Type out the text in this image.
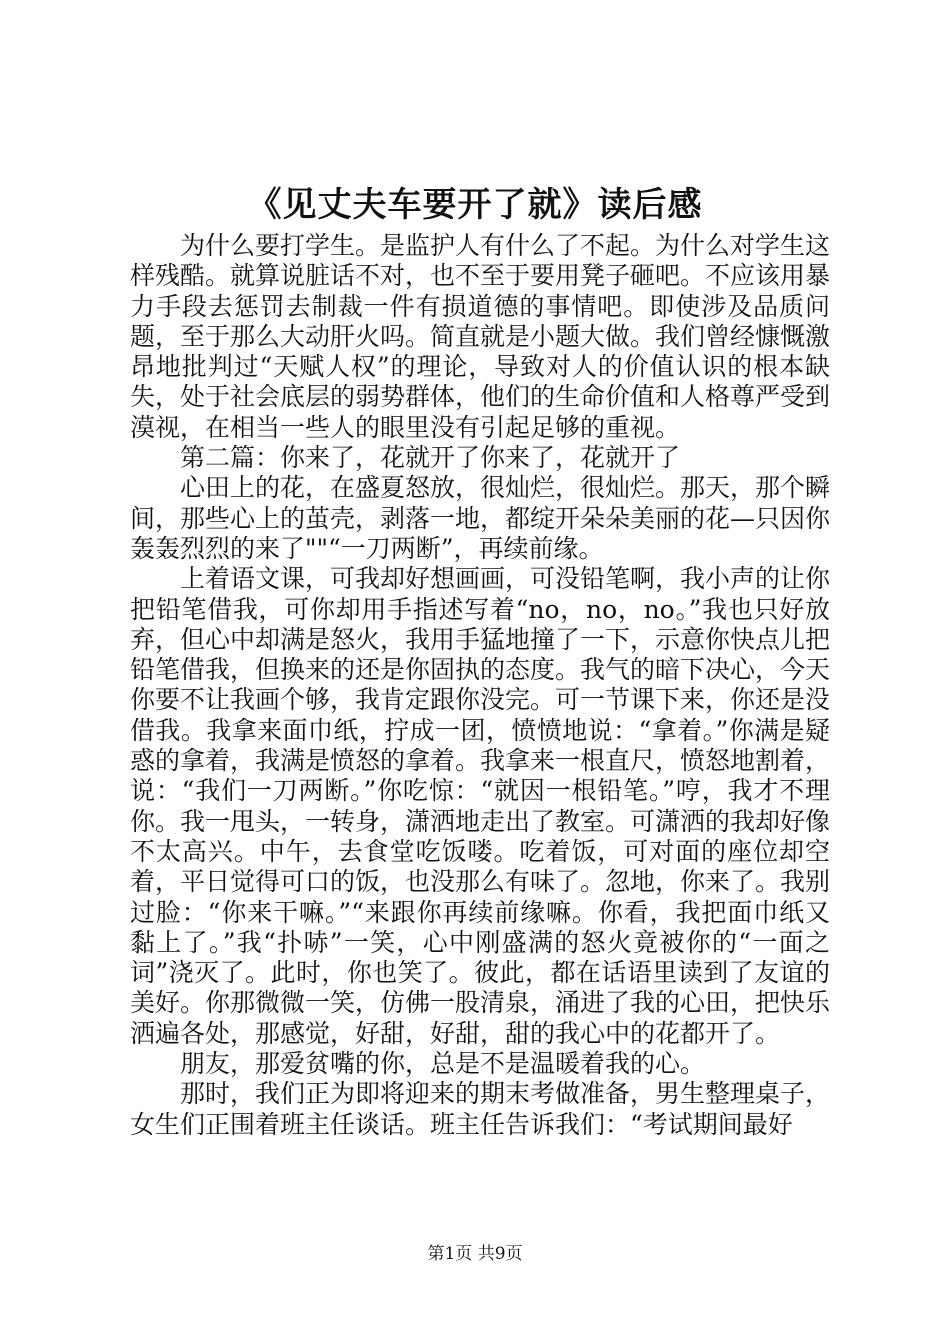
《见丈夫车要开了就》读后感

为什么要打学生。是监护人有什么了不起。为什么对学生这样残酷。就算说脏话不对，也不至于要用凳子砸吧。不应该用暴力手段去惩罚去制裁一件有损道德的事情吧。即使涉及品质问题，至于那么大动肝火吗。简直就是小题大做。我们曾经慷慨激昂地批判过“天赋人权”的理论，导致对人的价值认识的根本缺失，处于社会底层的弱势群体，他们的生命价值和人格尊严受到漠视，在相当一些人的眼里没有引起足够的重视。

第二篇：你来了，花就开了你来了，花就开了

心田上的花，在盛夏怒放，很灿烂，很灿烂。那天，那个瞬间，那些心上的茧壳，剥落一地，都绽开朵朵美丽的花—只因你轰轰烈烈的来了""“一刀两断”，再续前缘。

上着语文课，可我却好想画画，可没铅笔啊，我小声的让你把铅笔借我，可你却用手指述写着“no，no，no。”我也只好放弃，但心中却满是怒火，我用手猛地撞了一下，示意你快点儿把铅笔借我，但换来的还是你固执的态度。我气的暗下决心，今天你要不让我画个够，我肯定跟你没完。可一节课下来，你还是没借我。我拿来面巾纸，拧成一团，愤愤地说：“拿着。”你满是疑惑的拿着，我满是愤怒的拿着。我拿来一根直尺，愤怒地割着，说：“我们一刀两断。”你吃惊：“就因一根铅笔。”哼，我才不理你。我一甩头，一转身，潇洒地走出了教室。可潇洒的我却好像不太高兴。中午，去食堂吃饭喽。吃着饭，可对面的座位却空着，平日觉得可口的饭，也没那么有味了。忽地，你来了。我别过脸：“你来干嘛。”“来跟你再续前缘嘛。你看，我把面巾纸又黏上了。”我“扑哧”一笑，心中刚盛满的怒火竟被你的“一面之词”浇灭了。此时，你也笑了。彼此，都在话语里读到了友谊的美好。你那微微一笑，仿佛一股清泉，涌进了我的心田，把快乐洒遍各处，那感觉，好甜，好甜，甜的我心中的花都开了。

朋友，那爱贫嘴的你，总是不是温暖着我的心。

那时，我们正为即将迎来的期末考做准备，男生整理桌子，女生们正围着班主任谈话。班主任告诉我们：“考试期间最好

第1页 共9页
